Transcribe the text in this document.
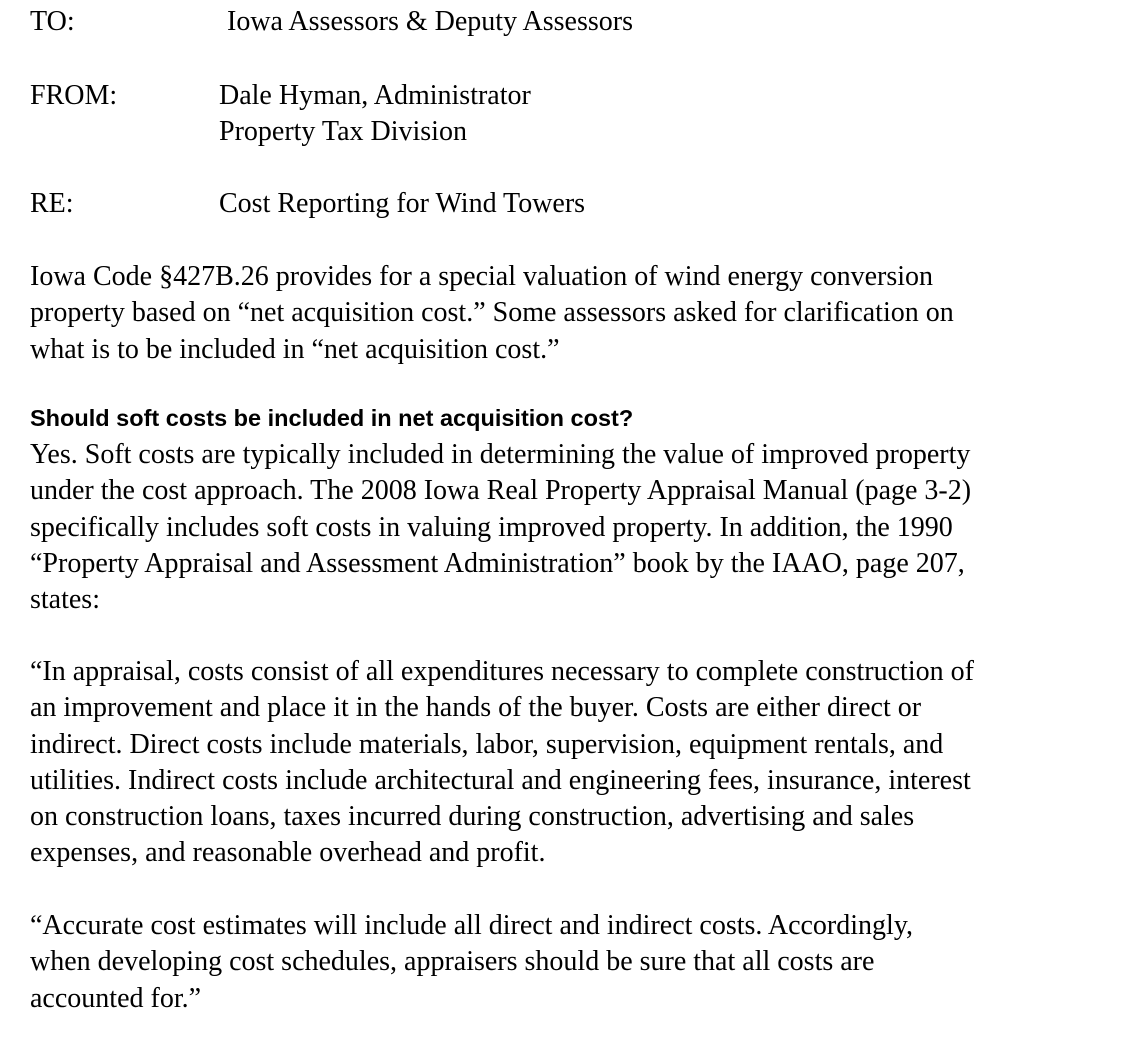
TO:	Iowa Assessors & Deputy Assessors
FROM:	Dale Hyman, Administrator
Property Tax Division
RE:	Cost Reporting for Wind Towers
Iowa Code §427B.26 provides for a special valuation of wind energy conversion
property based on “net acquisition cost.” Some assessors asked for clarification on
what is to be included in “net acquisition cost.”
Should soft costs be included in net acquisition cost?
Yes. Soft costs are typically included in determining the value of improved property
under the cost approach. The 2008 Iowa Real Property Appraisal Manual (page 3-2)
specifically includes soft costs in valuing improved property. In addition, the 1990
“Property Appraisal and Assessment Administration” book by the IAAO, page 207,
states:
“In appraisal, costs consist of all expenditures necessary to complete construction of
an improvement and place it in the hands of the buyer. Costs are either direct or
indirect. Direct costs include materials, labor, supervision, equipment rentals, and
utilities. Indirect costs include architectural and engineering fees, insurance, interest
on construction loans, taxes incurred during construction, advertising and sales
expenses, and reasonable overhead and profit.
“Accurate cost estimates will include all direct and indirect costs. Accordingly,
when developing cost schedules, appraisers should be sure that all costs are
accounted for.”
